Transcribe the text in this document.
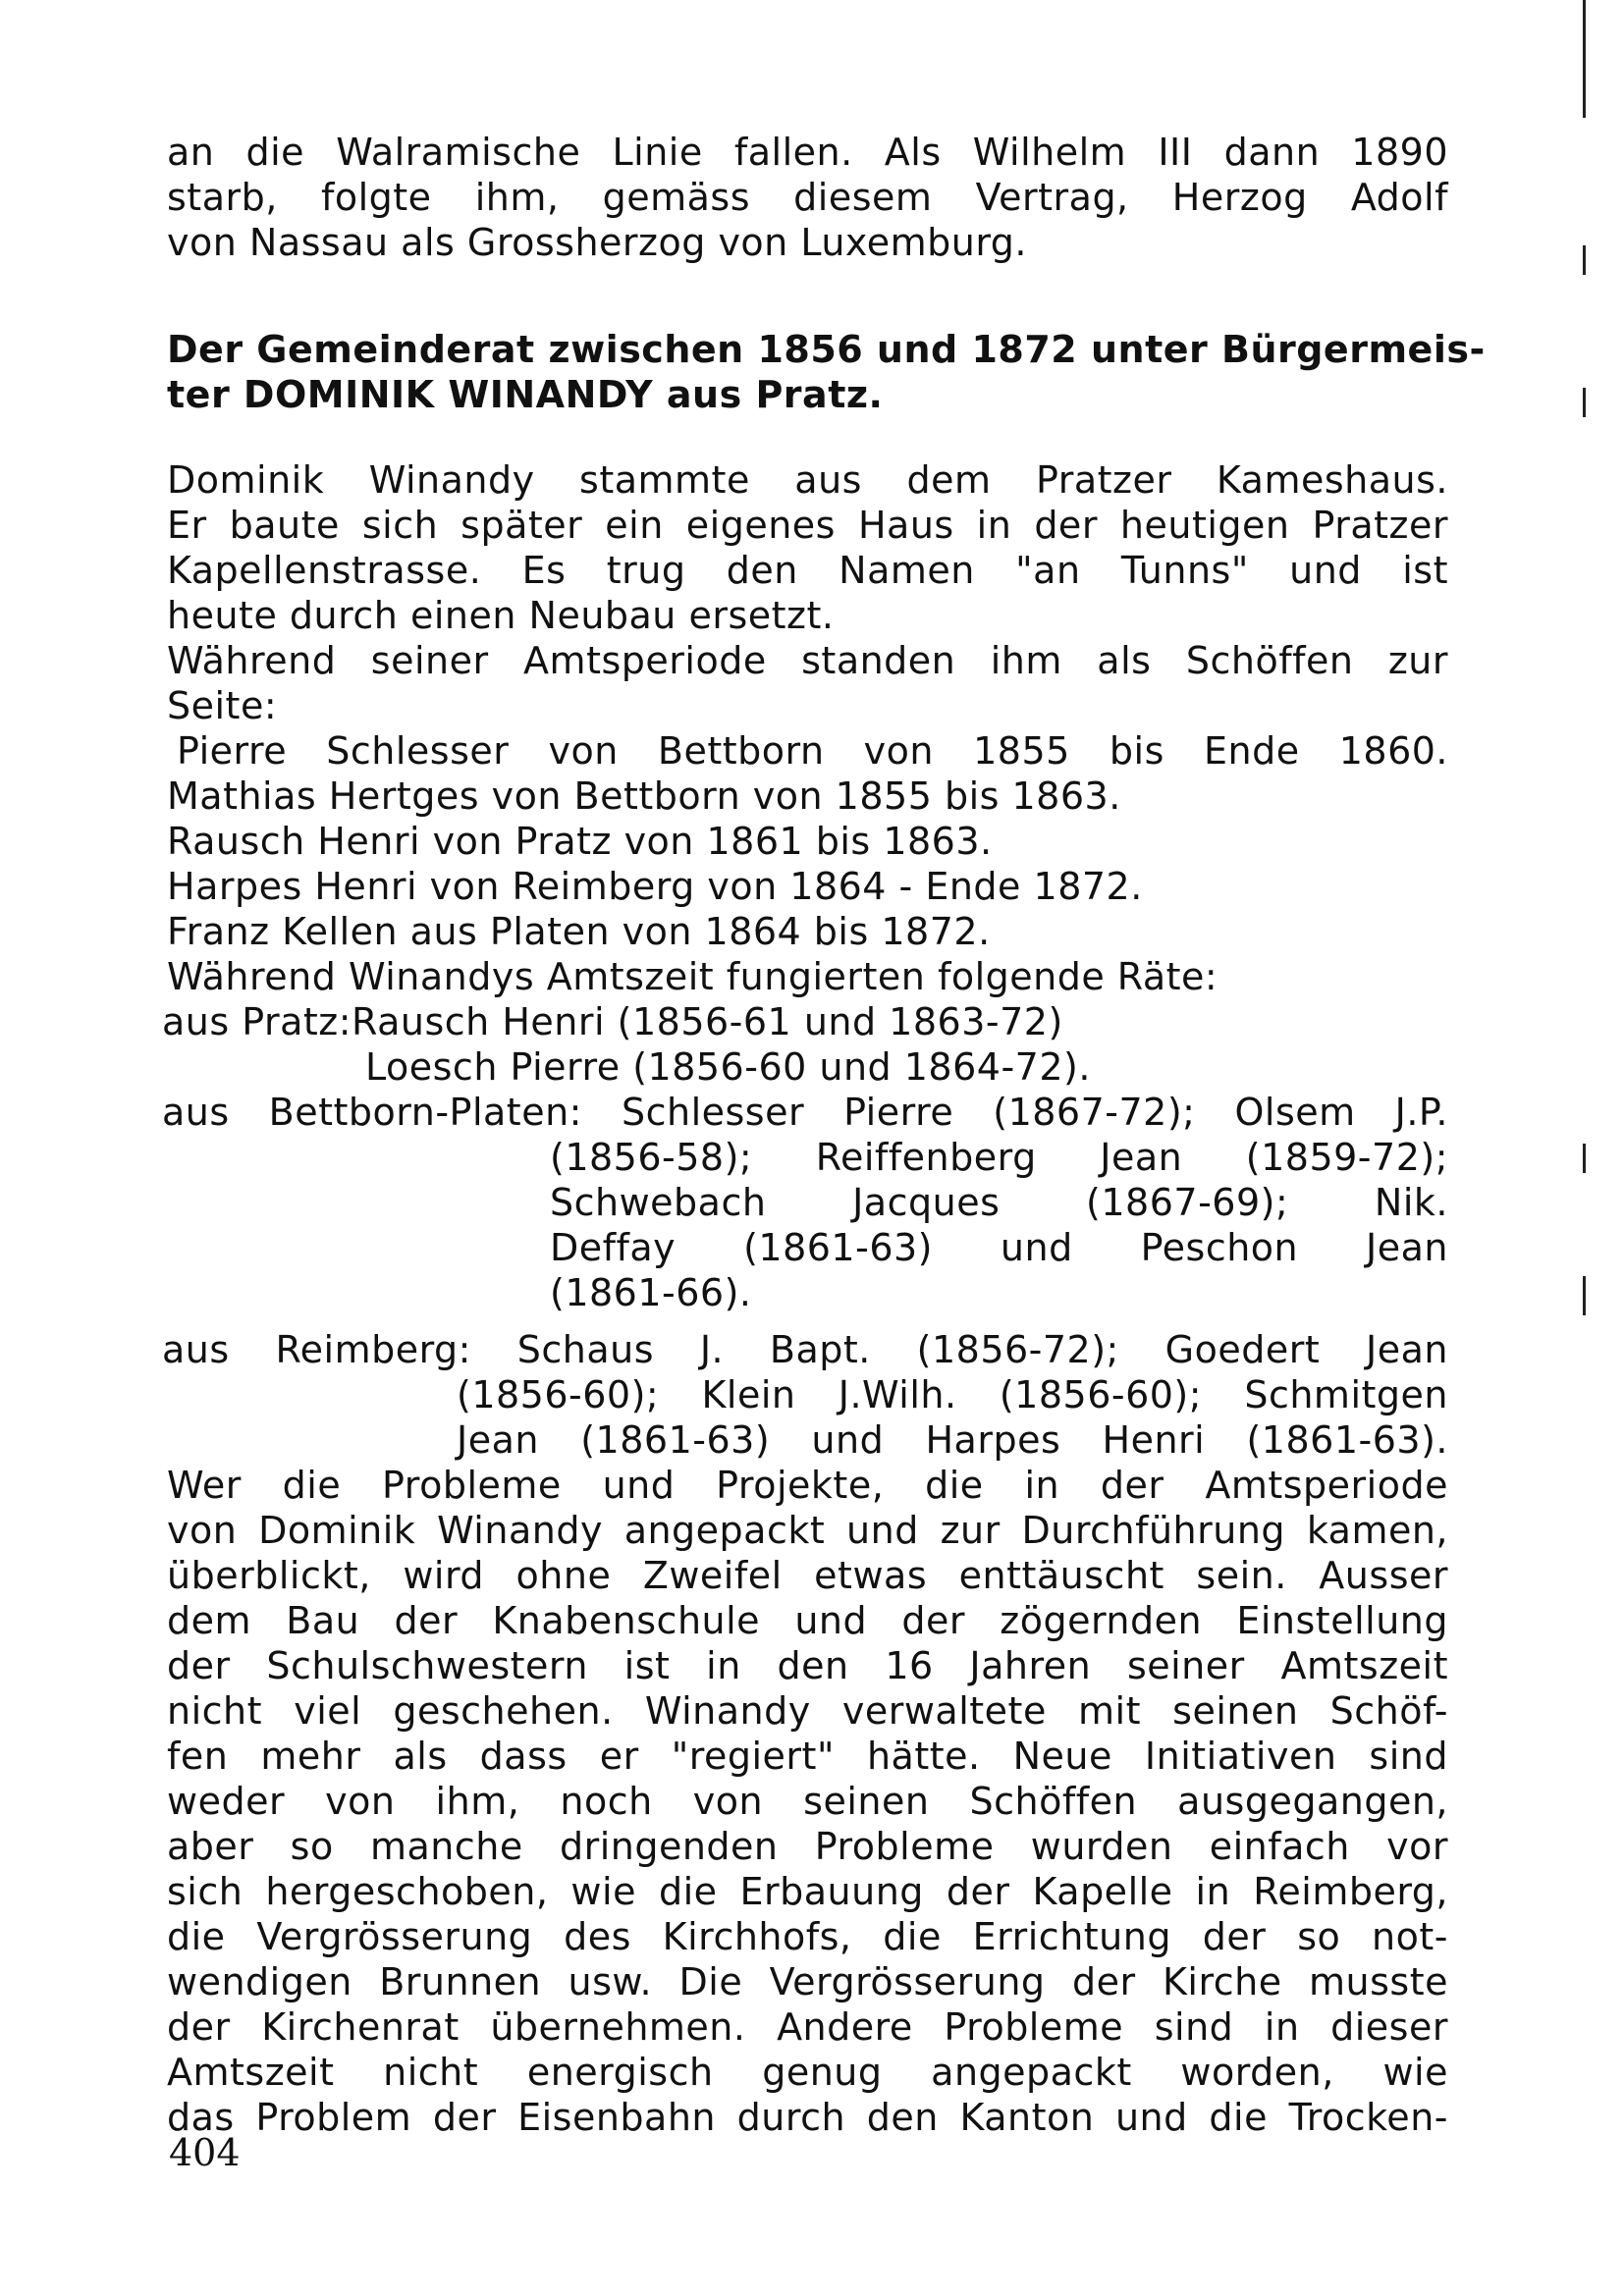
an die Walramische Linie fallen. Als Wilhelm III dann 1890
starb, folgte ihm, gemäss diesem Vertrag, Herzog Adolf
von Nassau als Grossherzog von Luxemburg.
Der Gemeinderat zwischen 1856 und 1872 unter Bürgermeis-
ter DOMINIK WINANDY aus Pratz.
Dominik Winandy stammte aus dem Pratzer Kameshaus.
Er baute sich später ein eigenes Haus in der heutigen Pratzer
Kapellenstrasse. Es trug den Namen "an Tunns" und ist
heute durch einen Neubau ersetzt.
Während seiner Amtsperiode standen ihm als Schöffen zur
Seite:
Pierre Schlesser von Bettborn von 1855 bis Ende 1860.
Mathias Hertges von Bettborn von 1855 bis 1863.
Rausch Henri von Pratz von 1861 bis 1863.
Harpes Henri von Reimberg von 1864 - Ende 1872.
Franz Kellen aus Platen von 1864 bis 1872.
Während Winandys Amtszeit fungierten folgende Räte:
aus Pratz:Rausch Henri (1856-61 und 1863-72)
Loesch Pierre (1856-60 und 1864-72).
aus Bettborn-Platen: Schlesser Pierre (1867-72); Olsem J.P.
(1856-58); Reiffenberg Jean (1859-72);
Schwebach Jacques (1867-69); Nik.
Deffay (1861-63) und Peschon Jean
(1861-66).
aus Reimberg: Schaus J. Bapt. (1856-72); Goedert Jean
(1856-60); Klein J.Wilh. (1856-60); Schmitgen
Jean (1861-63) und Harpes Henri (1861-63).
Wer die Probleme und Projekte, die in der Amtsperiode
von Dominik Winandy angepackt und zur Durchführung kamen,
überblickt, wird ohne Zweifel etwas enttäuscht sein. Ausser
dem Bau der Knabenschule und der zögernden Einstellung
der Schulschwestern ist in den 16 Jahren seiner Amtszeit
nicht viel geschehen. Winandy verwaltete mit seinen Schöf-
fen mehr als dass er "regiert" hätte. Neue Initiativen sind
weder von ihm, noch von seinen Schöffen ausgegangen,
aber so manche dringenden Probleme wurden einfach vor
sich hergeschoben, wie die Erbauung der Kapelle in Reimberg,
die Vergrösserung des Kirchhofs, die Errichtung der so not-
wendigen Brunnen usw. Die Vergrösserung der Kirche musste
der Kirchenrat übernehmen. Andere Probleme sind in dieser
Amtszeit nicht energisch genug angepackt worden, wie
das Problem der Eisenbahn durch den Kanton und die Trocken-
404
